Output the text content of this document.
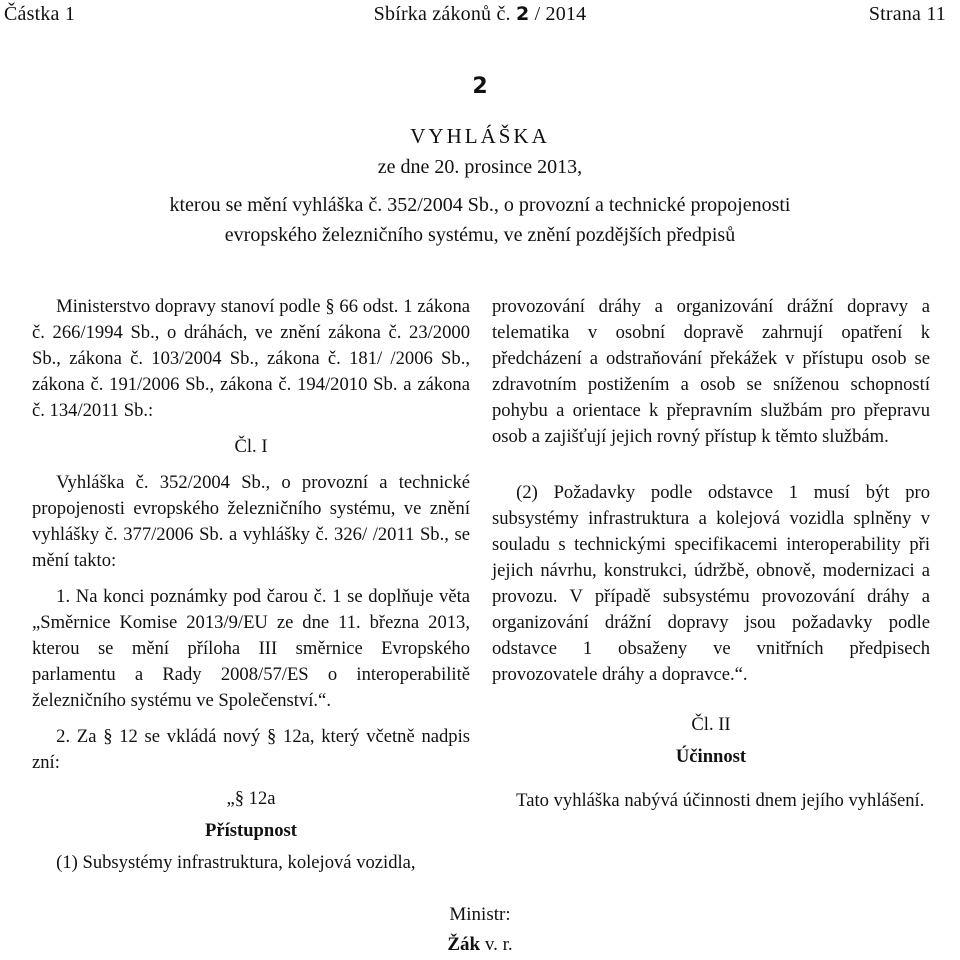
Částka 1	Sbírka zákonů č. 2 / 2014	Strana 11
2
VYHLÁŠKA
ze dne 20. prosince 2013,
kterou se mění vyhláška č. 352/2004 Sb., o provozní a technické propojenosti
evropského železničního systému, ve znění pozdějších předpisů

Ministerstvo dopravy stanoví podle § 66 odst. 1 zákona č. 266/1994 Sb., o dráhách, ve znění zákona č. 23/2000 Sb., zákona č. 103/2004 Sb., zákona č. 181/ /2006 Sb., zákona č. 191/2006 Sb., zákona č. 194/2010 Sb. a zákona č. 134/2011 Sb.:

Čl. I

Vyhláška č. 352/2004 Sb., o provozní a technické propojenosti evropského železničního systému, ve znění vyhlášky č. 377/2006 Sb. a vyhlášky č. 326/ /2011 Sb., se mění takto:

1. Na konci poznámky pod čarou č. 1 se doplňuje věta „Směrnice Komise 2013/9/EU ze dne 11. března 2013, kterou se mění příloha III směrnice Evropského parlamentu a Rady 2008/57/ES o interoperabilitě železničního systému ve Společenství.“.

2. Za § 12 se vkládá nový § 12a, který včetně nadpis zní:

„§ 12a

Přístupnost

(1) Subsystémy infrastruktura, kolejová vozidla,

provozování dráhy a organizování drážní dopravy a telematika v osobní dopravě zahrnují opatření k předcházení a odstraňování překážek v přístupu osob se zdravotním postižením a osob se sníženou schopností pohybu a orientace k přepravním službám pro přepravu osob a zajišťují jejich rovný přístup k těmto službám.

(2) Požadavky podle odstavce 1 musí být pro subsystémy infrastruktura a kolejová vozidla splněny v souladu s technickými specifikacemi interoperability při jejich návrhu, konstrukci, údržbě, obnově, modernizaci a provozu. V případě subsystému provozování dráhy a organizování drážní dopravy jsou požadavky podle odstavce 1 obsaženy ve vnitřních předpisech provozovatele dráhy a dopravce.“.

Čl. II

Účinnost

Tato vyhláška nabývá účinnosti dnem jejího vyhlášení.

Ministr:
Žák v. r.
